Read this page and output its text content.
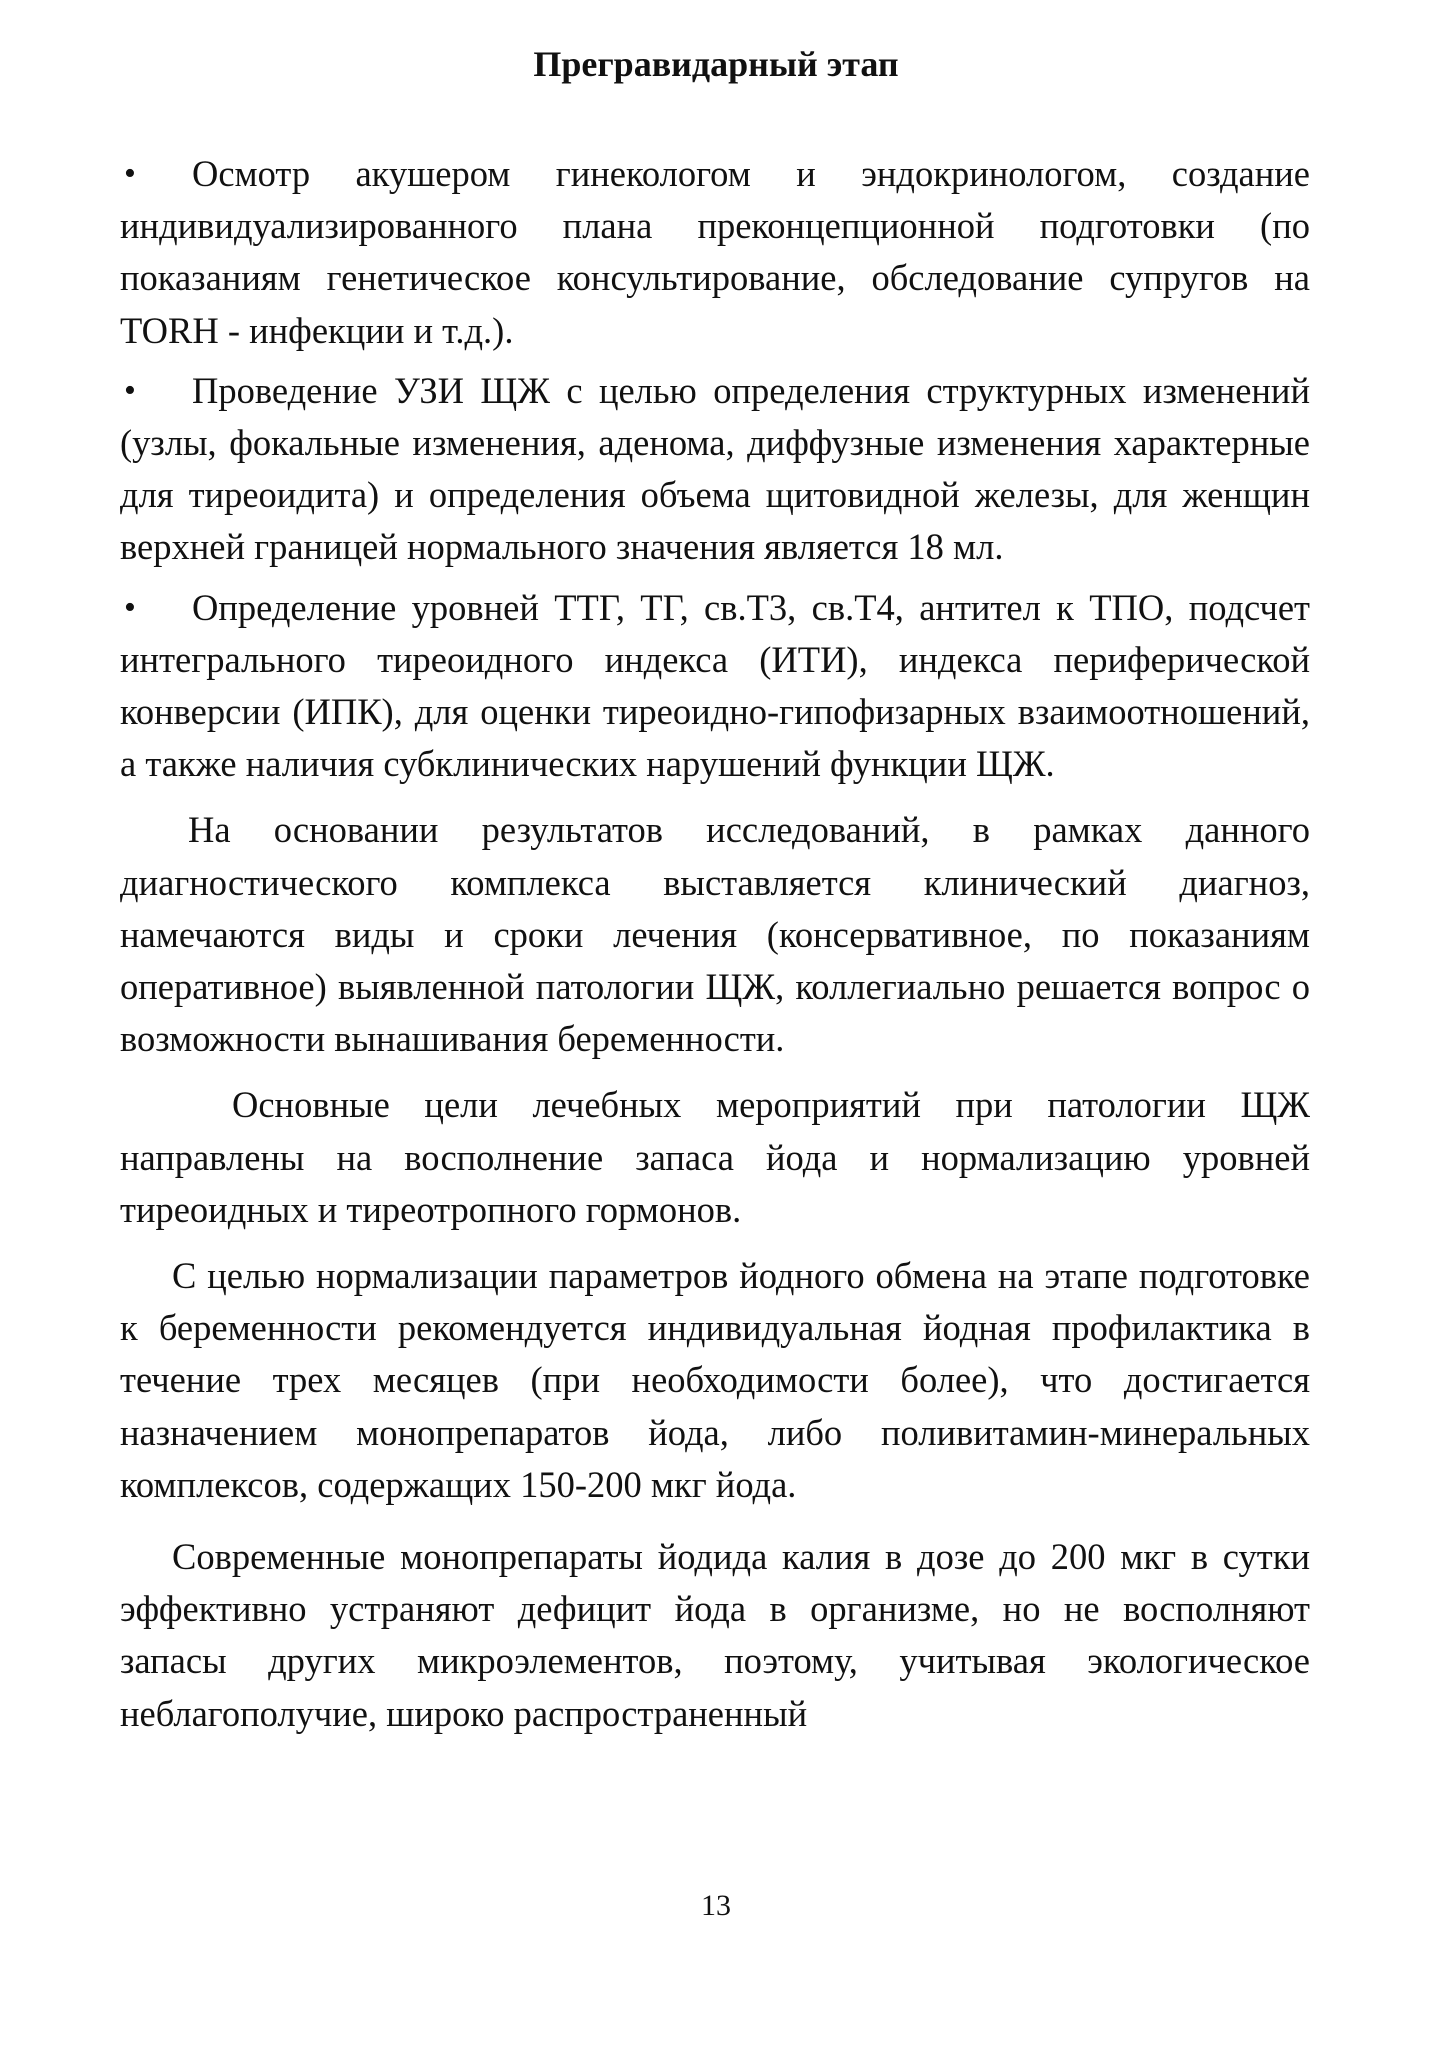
Прегравидарный этап
• Осмотр акушером гинекологом и эндокринологом, создание индивидуализированного плана преконцепционной подготовки (по показаниям генетическое консультирование, обследование супругов на TORH - инфекции и т.д.).
• Проведение УЗИ ЩЖ с целью определения структурных изменений (узлы, фокальные изменения, аденома, диффузные изменения характерные для тиреоидита) и определения объема щитовидной железы, для женщин верхней границей нормального значения является 18 мл.
• Определение уровней ТТГ, ТГ, св.Т3, св.Т4, антител к ТПО, подсчет интегрального тиреоидного индекса (ИТИ), индекса периферической конверсии (ИПК), для оценки тиреоидно-гипофизарных взаимоотношений, а также наличия субклинических нарушений функции ЩЖ.

На основании результатов исследований, в рамках данного диагностического комплекса выставляется клинический диагноз, намечаются виды и сроки лечения (консервативное, по показаниям оперативное) выявленной патологии ЩЖ, коллегиально решается вопрос о возможности вынашивания беременности.

Основные цели лечебных мероприятий при патологии ЩЖ направлены на восполнение запаса йода и нормализацию уровней тиреоидных и тиреотропного гормонов.

С целью нормализации параметров йодного обмена на этапе подготовке к беременности рекомендуется индивидуальная йодная профилактика в течение трех месяцев (при необходимости более), что достигается назначением монопрепаратов йода, либо поливитамин-минеральных комплексов, содержащих 150-200 мкг йода.

Современные монопрепараты йодида калия в дозе до 200 мкг в сутки эффективно устраняют дефицит йода в организме, но не восполняют запасы других микроэлементов, поэтому, учитывая экологическое неблагополучие, широко распространенный

13
